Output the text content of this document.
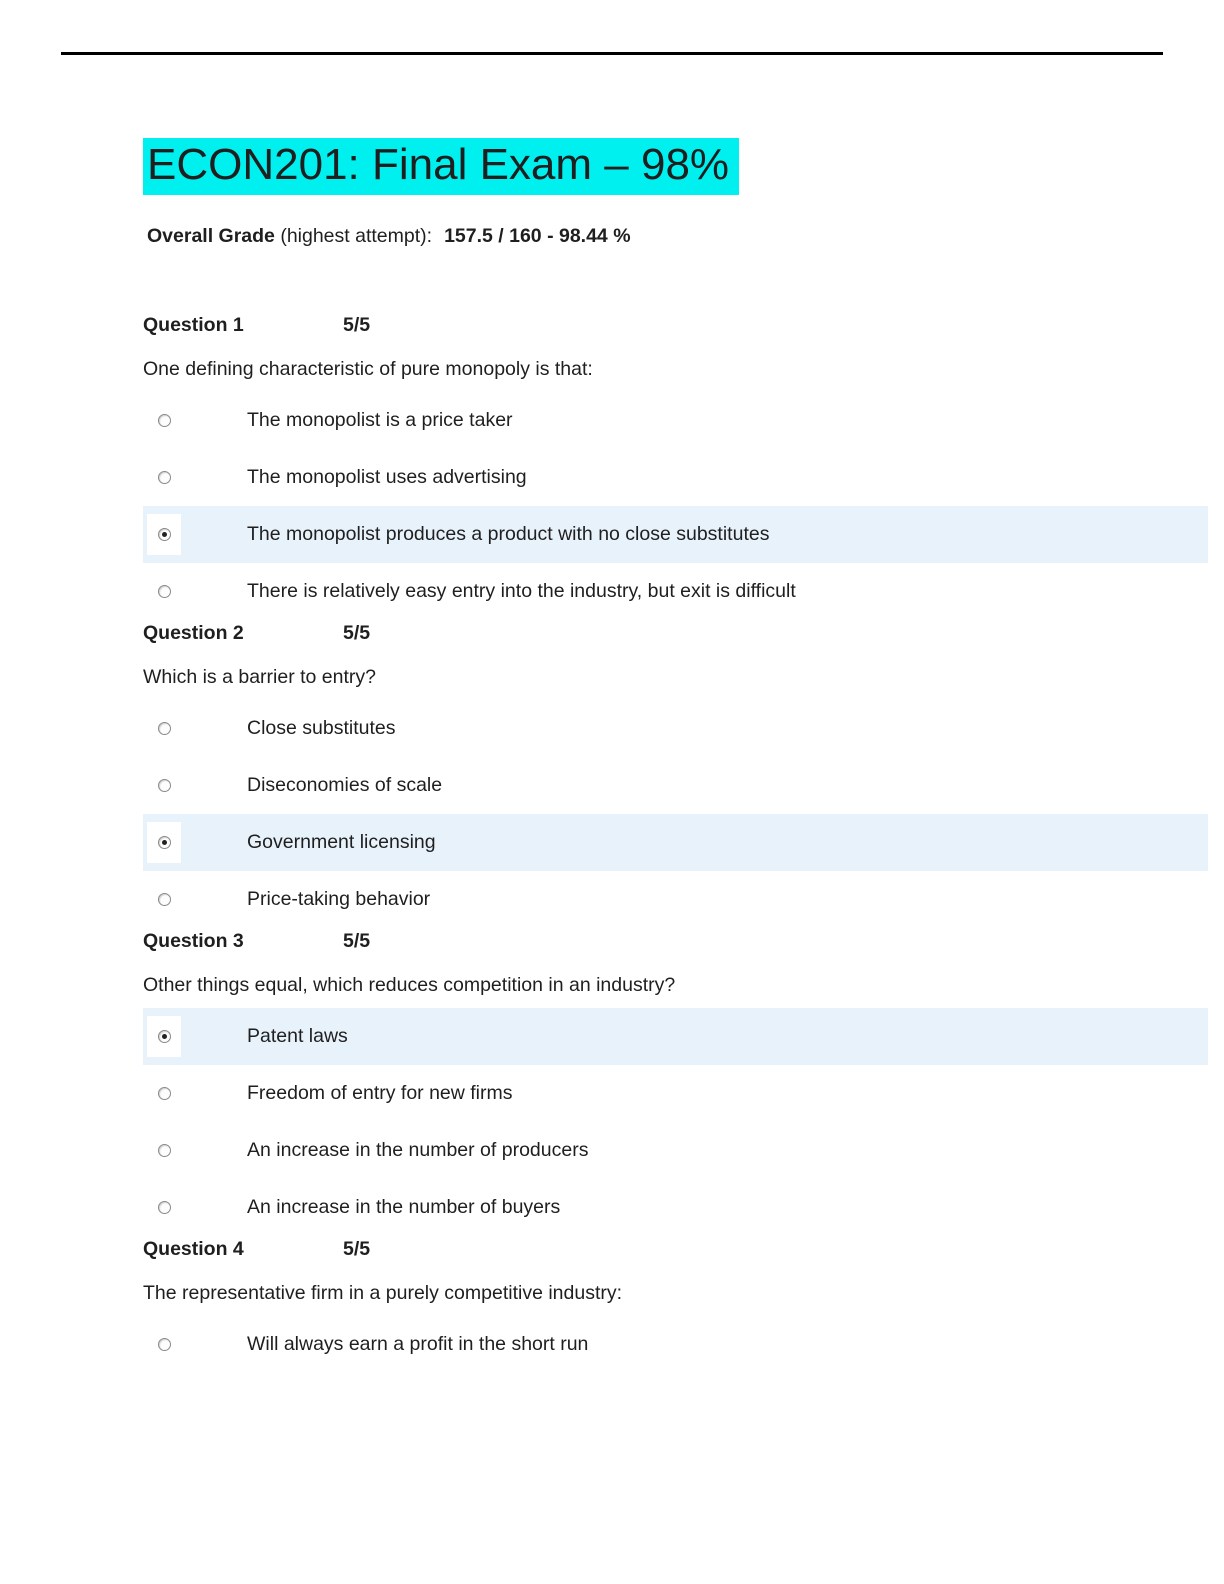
ECON201: Final Exam – 98%

Overall Grade (highest attempt): 157.5 / 160 - 98.44 %

Question 1	5/5

One defining characteristic of pure monopoly is that:

The monopolist is a price taker
The monopolist uses advertising
The monopolist produces a product with no close substitutes
There is relatively easy entry into the industry, but exit is difficult
Question 2	5/5

Which is a barrier to entry?

Close substitutes
Diseconomies of scale
Government licensing
Price-taking behavior
Question 3	5/5

Other things equal, which reduces competition in an industry?

Patent laws
Freedom of entry for new firms
An increase in the number of producers
An increase in the number of buyers
Question 4	5/5

The representative firm in a purely competitive industry:

Will always earn a profit in the short run
